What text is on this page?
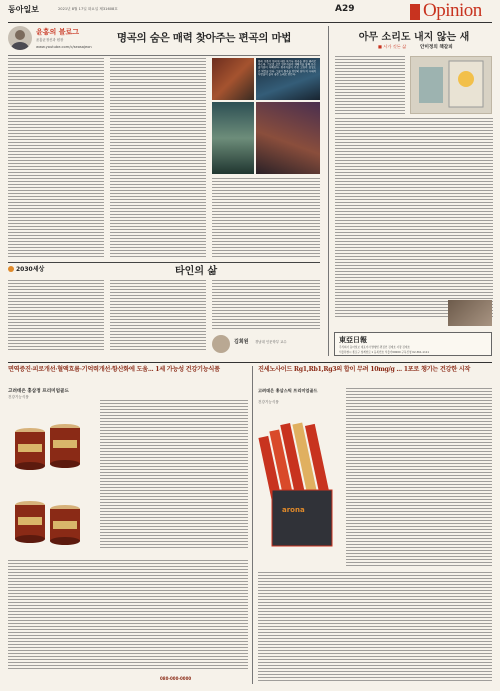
동아일보	2021년 8월 17일 화요일 제31608호	A29	Opinion
윤홍의 블로그
윤홍균정신과 원장
www.youtube.com/c/seosajeon
명곡의 숨은 매력 찾아주는 편곡의 마법
원래 작품의 원곡에 대한 특기나 편곡을 위한 배려로 하는데, 기교를 살린 연주자들의 재해석을 통해 듣는 즐거움이 더해진다. 편곡자들이 가진 고유의 감성도 큰 역할을 한다. 그들이 원곡을 탄탄히 담아 이 시대의 사람들이 들어 좋은 노래로 만든다.
아무 소리도 내지 않는 새
■ 시가 깃든 삶	안미정의 책갈피
2030세상	타인의 삶
김희원 경남대 인문학부 교수	東亞日報
주식회사 동아일보 대표이사 발행인·편집인 김재호 사장 김재호
서울특별시 종로구 청계천로 1 등록번호 서울가00000 구독신청 02-361-1111
면역증진·피로개선·혈액흐름·기억력개선·항산화에 도움... 1세 가능성 건강기능식품
고려데은 홍삼정 프리미엄골드
건강기능식품
080-000-0000
진세노사이드 Rg1,Rb1,Rg3의 합이 무려 10mg/g ... 1포로 챙기는 건강한 시작
고려데은 홍삼스틱 프리미엄골드
건강기능식품
arona
